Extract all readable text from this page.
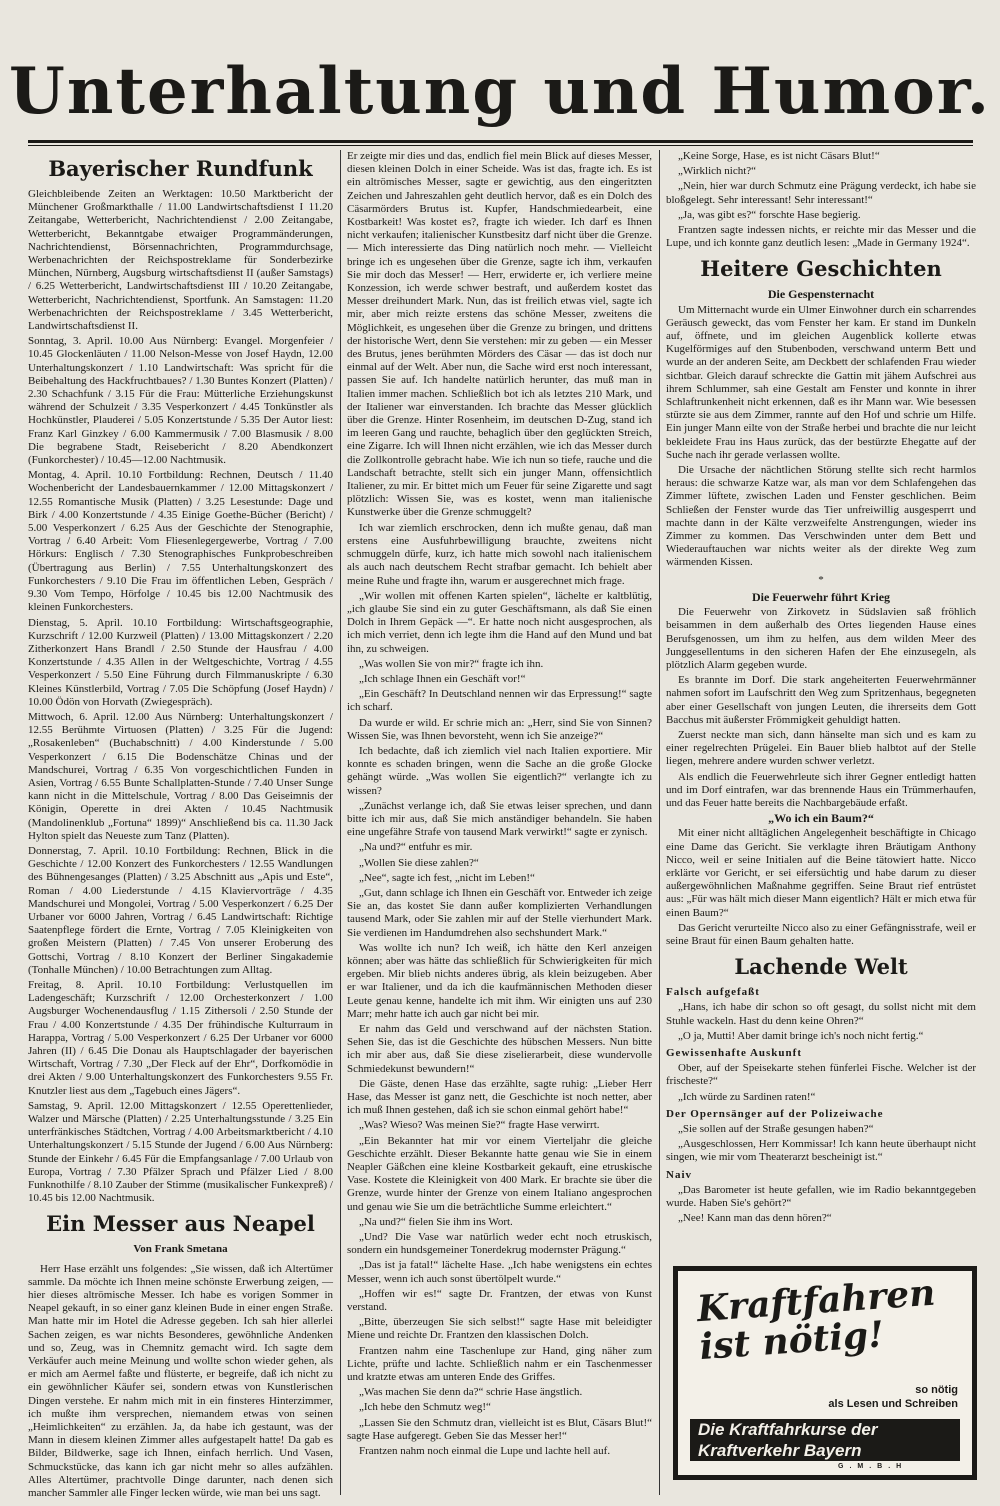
Unterhaltung und Humor.
Bayerischer Rundfunk

Gleichbleibende Zeiten an Werktagen: 10.50 Marktbericht der Münchener Großmarkthalle / 11.00 Landwirtschaftsdienst I 11.20 Zeitangabe, Wetterbericht, Nachrichtendienst / 2.00 Zeitangabe, Wetterbericht, Bekanntgabe etwaiger Programmänderungen, Nachrichtendienst, Börsennachrichten, Programmdurchsage, Werbenachrichten der Reichspostreklame für Sonderbezirke München, Nürnberg, Augsburg wirtschaftsdienst II (außer Samstags) / 6.25 Wetterbericht, Landwirtschaftsdienst III / 10.20 Zeitangabe, Wetterbericht, Nachrichtendienst, Sportfunk. An Samstagen: 11.20 Werbenachrichten der Reichspostreklame / 3.45 Wetterbericht, Landwirtschaftsdienst II.

Sonntag, 3. April. 10.00 Aus Nürnberg: Evangel. Morgenfeier / 10.45 Glockenläuten / 11.00 Nelson-Messe von Josef Haydn, 12.00 Unterhaltungskonzert / 1.10 Landwirtschaft: Was spricht für die Beibehaltung des Hackfruchtbaues? / 1.30 Buntes Konzert (Platten) / 2.30 Schachfunk / 3.15 Für die Frau: Mütterliche Erziehungskunst während der Schulzeit / 3.35 Vesperkonzert / 4.45 Tonkünstler als Hochkünstler, Plauderei / 5.05 Konzertstunde / 5.35 Der Autor liest: Franz Karl Ginzkey / 6.00 Kammermusik / 7.00 Blasmusik / 8.00 Die begrabene Stadt, Reisebericht / 8.20 Abendkonzert (Funkorchester) / 10.45—12.00 Nachtmusik.

Montag, 4. April. 10.10 Fortbildung: Rechnen, Deutsch / 11.40 Wochenbericht der Landesbauernkammer / 12.00 Mittagskonzert / 12.55 Romantische Musik (Platten) / 3.25 Lesestunde: Dage und Birk / 4.00 Konzertstunde / 4.35 Einige Goethe-Bücher (Bericht) / 5.00 Vesperkonzert / 6.25 Aus der Geschichte der Stenographie, Vortrag / 6.40 Arbeit: Vom Fliesenlegergewerbe, Vortrag / 7.00 Hörkurs: Englisch / 7.30 Stenographisches Funkprobeschreiben (Übertragung aus Berlin) / 7.55 Unterhaltungskonzert des Funkorchesters / 9.10 Die Frau im öffentlichen Leben, Gespräch / 9.30 Vom Tempo, Hörfolge / 10.45 bis 12.00 Nachtmusik des kleinen Funkorchesters.

Dienstag, 5. April. 10.10 Fortbildung: Wirtschaftsgeographie, Kurzschrift / 12.00 Kurzweil (Platten) / 13.00 Mittagskonzert / 2.20 Zitherkonzert Hans Brandl / 2.50 Stunde der Hausfrau / 4.00 Konzertstunde / 4.35 Allen in der Weltgeschichte, Vortrag / 4.55 Vesperkonzert / 5.50 Eine Führung durch Filmmanuskripte / 6.30 Kleines Künstlerbild, Vortrag / 7.05 Die Schöpfung (Josef Haydn) / 10.00 Ödön von Horvath (Zwiegespräch).

Mittwoch, 6. April. 12.00 Aus Nürnberg: Unterhaltungskonzert / 12.55 Berühmte Virtuosen (Platten) / 3.25 Für die Jugend: „Rosakenleben“ (Buchabschnitt) / 4.00 Kinderstunde / 5.00 Vesperkonzert / 6.15 Die Bodenschätze Chinas und der Mandschurei, Vortrag / 6.35 Von vorgeschichtlichen Funden in Asien, Vortrag / 6.55 Bunte Schallplatten-Stunde / 7.40 Unser Sunge kann nicht in die Mittelschule, Vortrag / 8.00 Das Geiseimnis der Königin, Operette in drei Akten / 10.45 Nachtmusik (Mandolinenklub „Fortuna“ 1899)“ Anschließend bis ca. 11.30 Jack Hylton spielt das Neueste zum Tanz (Platten).

Donnerstag, 7. April. 10.10 Fortbildung: Rechnen, Blick in die Geschichte / 12.00 Konzert des Funkorchesters / 12.55 Wandlungen des Bühnengesanges (Platten) / 3.25 Abschnitt aus „Apis und Este“, Roman / 4.00 Liederstunde / 4.15 Klaviervorträge / 4.35 Mandschurei und Mongolei, Vortrag / 5.00 Vesperkonzert / 6.25 Der Urbaner vor 6000 Jahren, Vortrag / 6.45 Landwirtschaft: Richtige Saatenpflege fördert die Ernte, Vortrag / 7.05 Kleinigkeiten von großen Meistern (Platten) / 7.45 Von unserer Eroberung des Gottschi, Vortrag / 8.10 Konzert der Berliner Singakademie (Tonhalle München) / 10.00 Betrachtungen zum Alltag.

Freitag, 8. April. 10.10 Fortbildung: Verlustquellen im Ladengeschäft; Kurzschrift / 12.00 Orchesterkonzert / 1.00 Augsburger Wochenendausflug / 1.15 Zithersoli / 2.50 Stunde der Frau / 4.00 Konzertstunde / 4.35 Der frühindische Kulturraum in Harappa, Vortrag / 5.00 Vesperkonzert / 6.25 Der Urbaner vor 6000 Jahren (II) / 6.45 Die Donau als Hauptschlagader der bayerischen Wirtschaft, Vortrag / 7.30 „Der Fleck auf der Ehr“, Dorfkomödie in drei Akten / 9.00 Unterhaltungskonzert des Funkorchesters 9.55 Fr. Knutzler liest aus dem „Tagebuch eines Jägers“.

Samstag, 9. April. 12.00 Mittagskonzert / 12.55 Operettenlieder, Walzer und Märsche (Platten) / 2.25 Unterhaltungsstunde / 3.25 Ein unterfränkisches Städtchen, Vortrag / 4.00 Arbeitsmarktbericht / 4.10 Unterhaltungskonzert / 5.15 Stunde der Jugend / 6.00 Aus Nürnberg: Stunde der Einkehr / 6.45 Für die Empfangsanlage / 7.00 Urlaub von Europa, Vortrag / 7.30 Pfälzer Sprach und Pfälzer Lied / 8.00 Funknothilfe / 8.10 Zauber der Stimme (musikalischer Funkexpreß) / 10.45 bis 12.00 Nachtmusik.

Ein Messer aus Neapel
Von Frank Smetana

Herr Hase erzählt uns folgendes: „Sie wissen, daß ich Altertümer sammle. Da möchte ich Ihnen meine schönste Erwerbung zeigen, — hier dieses altrömische Messer. Ich habe es vorigen Sommer in Neapel gekauft, in so einer ganz kleinen Bude in einer engen Straße. Man hatte mir im Hotel die Adresse gegeben. Ich sah hier allerlei Sachen zeigen, es war nichts Besonderes, gewöhnliche Andenken und so, Zeug, was in Chemnitz gemacht wird. Ich sagte dem Verkäufer auch meine Meinung und wollte schon wieder gehen, als er mich am Aermel faßte und flüsterte, er begreife, daß ich nicht zu ein gewöhnlicher Käufer sei, sondern etwas von Kunstlerischen Dingen verstehe. Er nahm mich mit in ein finsteres Hinterzimmer, ich mußte ihm versprechen, niemandem etwas von seinen „Heimlichkeiten“ zu erzählen. Ja, da habe ich gestaunt, was der Mann in diesem kleinen Zimmer alles aufgestapelt hatte! Da gab es Bilder, Bildwerke, sage ich Ihnen, einfach herrlich. Und Vasen, Schmuckstücke, das kann ich gar nicht mehr so alles aufzählen. Alles Altertümer, prachtvolle Dinge darunter, nach denen sich mancher Sammler alle Finger lecken würde, wie man bei uns sagt.

Er zeigte mir dies und das, endlich fiel mein Blick auf dieses Messer, diesen kleinen Dolch in einer Scheide. Was ist das, fragte ich. Es ist ein altrömisches Messer, sagte er gewichtig, aus den eingeritzten Zeichen und Jahreszahlen geht deutlich hervor, daß es ein Dolch des Cäsarmörders Brutus ist. Kupfer, Handschmiedearbeit, eine Kostbarkeit! Was kostet es?, fragte ich wieder. Ich darf es Ihnen nicht verkaufen; italienischer Kunstbesitz darf nicht über die Grenze. — Mich interessierte das Ding natürlich noch mehr. — Vielleicht bringe ich es ungesehen über die Grenze, sagte ich ihm, verkaufen Sie mir doch das Messer! — Herr, erwiderte er, ich verliere meine Konzession, ich werde schwer bestraft, und außerdem kostet das Messer dreihundert Mark. Nun, das ist freilich etwas viel, sagte ich mir, aber mich reizte erstens das schöne Messer, zweitens die Möglichkeit, es ungesehen über die Grenze zu bringen, und drittens der historische Wert, denn Sie verstehen: mir zu geben — ein Messer des Brutus, jenes berühmten Mörders des Cäsar — das ist doch nur einmal auf der Welt. Aber nun, die Sache wird erst noch interessant, passen Sie auf. Ich handelte natürlich herunter, das muß man in Italien immer machen. Schließlich bot ich als letztes 210 Mark, und der Italiener war einverstanden. Ich brachte das Messer glücklich über die Grenze. Hinter Rosenheim, im deutschen D-Zug, stand ich im leeren Gang und rauchte, behaglich über den geglückten Streich, eine Zigarre. Ich will Ihnen nicht erzählen, wie ich das Messer durch die Zollkontrolle gebracht habe. Wie ich nun so tiefe, rauche und die Landschaft betrachte, stellt sich ein junger Mann, offensichtlich Italiener, zu mir. Er bittet mich um Feuer für seine Zigarette und sagt plötzlich: Wissen Sie, was es kostet, wenn man italienische Kunstwerke über die Grenze schmuggelt?

Ich war ziemlich erschrocken, denn ich mußte genau, daß man erstens eine Ausfuhrbewilligung brauchte, zweitens nicht schmuggeln dürfe, kurz, ich hatte mich sowohl nach italienischem als auch nach deutschem Recht strafbar gemacht. Ich behielt aber meine Ruhe und fragte ihn, warum er ausgerechnet mich frage.

„Wir wollen mit offenen Karten spielen“, lächelte er kaltblütig, „ich glaube Sie sind ein zu guter Geschäftsmann, als daß Sie einen Dolch in Ihrem Gepäck —“. Er hatte noch nicht ausgesprochen, als ich mich verriet, denn ich legte ihm die Hand auf den Mund und bat ihn, zu schweigen.

„Was wollen Sie von mir?“ fragte ich ihn.

„Ich schlage Ihnen ein Geschäft vor!“

„Ein Geschäft? In Deutschland nennen wir das Erpressung!“ sagte ich scharf.

Da wurde er wild. Er schrie mich an: „Herr, sind Sie von Sinnen? Wissen Sie, was Ihnen bevorsteht, wenn ich Sie anzeige?“

Ich bedachte, daß ich ziemlich viel nach Italien exportiere. Mir konnte es schaden bringen, wenn die Sache an die große Glocke gehängt würde. „Was wollen Sie eigentlich?“ verlangte ich zu wissen?

„Zunächst verlange ich, daß Sie etwas leiser sprechen, und dann bitte ich mir aus, daß Sie mich anständiger behandeln. Sie haben eine ungefähre Strafe von tausend Mark verwirkt!“ sagte er zynisch.

„Na und?“ entfuhr es mir.

„Wollen Sie diese zahlen?“

„Nee“, sagte ich fest, „nicht im Leben!“

„Gut, dann schlage ich Ihnen ein Geschäft vor. Entweder ich zeige Sie an, das kostet Sie dann außer komplizierten Verhandlungen tausend Mark, oder Sie zahlen mir auf der Stelle vierhundert Mark. Sie verdienen im Handumdrehen also sechshundert Mark.“

Was wollte ich nun? Ich weiß, ich hätte den Kerl anzeigen können; aber was hätte das schließlich für Schwierigkeiten für mich ergeben. Mir blieb nichts anderes übrig, als klein beizugeben. Aber er war Italiener, und da ich die kaufmännischen Methoden dieser Leute genau kenne, handelte ich mit ihm. Wir einigten uns auf 230 Marr; mehr hatte ich auch gar nicht bei mir.

Er nahm das Geld und verschwand auf der nächsten Station. Sehen Sie, das ist die Geschichte des hübschen Messers. Nun bitte ich mir aber aus, daß Sie diese ziselierarbeit, diese wundervolle Schmiedekunst bewundern!“

Die Gäste, denen Hase das erzählte, sagte ruhig: „Lieber Herr Hase, das Messer ist ganz nett, die Geschichte ist noch netter, aber ich muß Ihnen gestehen, daß ich sie schon einmal gehört habe!“

„Was? Wieso? Was meinen Sie?“ fragte Hase verwirrt.

„Ein Bekannter hat mir vor einem Vierteljahr die gleiche Geschichte erzählt. Dieser Bekannte hatte genau wie Sie in einem Neapler Gäßchen eine kleine Kostbarkeit gekauft, eine etruskische Vase. Kostete die Kleinigkeit von 400 Mark. Er brachte sie über die Grenze, wurde hinter der Grenze von einem Italiano angesprochen und genau wie Sie um die beträchtliche Summe erleichtert.“

„Na und?“ fielen Sie ihm ins Wort.

„Und? Die Vase war natürlich weder echt noch etruskisch, sondern ein hundsgemeiner Tonerdekrug modernster Prägung.“

„Das ist ja fatal!“ lächelte Hase. „Ich habe wenigstens ein echtes Messer, wenn ich auch sonst übertölpelt wurde.“

„Hoffen wir es!“ sagte Dr. Frantzen, der etwas von Kunst verstand.

„Bitte, überzeugen Sie sich selbst!“ sagte Hase mit beleidigter Miene und reichte Dr. Frantzen den klassischen Dolch.

Frantzen nahm eine Taschenlupe zur Hand, ging näher zum Lichte, prüfte und lachte. Schließlich nahm er ein Taschenmesser und kratzte etwas am unteren Ende des Griffes.

„Was machen Sie denn da?“ schrie Hase ängstlich.

„Ich hebe den Schmutz weg!“

„Lassen Sie den Schmutz dran, vielleicht ist es Blut, Cäsars Blut!“ sagte Hase aufgeregt. Geben Sie das Messer her!“

Frantzen nahm noch einmal die Lupe und lachte hell auf.

„Keine Sorge, Hase, es ist nicht Cäsars Blut!“

„Wirklich nicht?“

„Nein, hier war durch Schmutz eine Prägung verdeckt, ich habe sie bloßgelegt. Sehr interessant! Sehr interessant!“

„Ja, was gibt es?“ forschte Hase begierig.

Frantzen sagte indessen nichts, er reichte mir das Messer und die Lupe, und ich konnte ganz deutlich lesen: „Made in Germany 1924“.

Heitere Geschichten
Die Gespensternacht

Um Mitternacht wurde ein Ulmer Einwohner durch ein scharrendes Geräusch geweckt, das vom Fenster her kam. Er stand im Dunkeln auf, öffnete, und im gleichen Augenblick kollerte etwas Kugelförmiges auf den Stubenboden, verschwand unterm Bett und wurde an der anderen Seite, am Deckbett der schlafenden Frau wieder sichtbar. Gleich darauf schreckte die Gattin mit jähem Aufschrei aus ihrem Schlummer, sah eine Gestalt am Fenster und konnte in ihrer Schlaftrunkenheit nicht erkennen, daß es ihr Mann war. Wie besessen stürzte sie aus dem Zimmer, rannte auf den Hof und schrie um Hilfe. Ein junger Mann eilte von der Straße herbei und brachte die nur leicht bekleidete Frau ins Haus zurück, das der bestürzte Ehegatte auf der Suche nach ihr gerade verlassen wollte.

Die Ursache der nächtlichen Störung stellte sich recht harmlos heraus: die schwarze Katze war, als man vor dem Schlafengehen das Zimmer lüftete, zwischen Laden und Fenster geschlichen. Beim Schließen der Fenster wurde das Tier unfreiwillig ausgesperrt und machte dann in der Kälte verzweifelte Anstrengungen, wieder ins Zimmer zu kommen. Das Verschwinden unter dem Bett und Wiederauftauchen war nichts weiter als der direkte Weg zum wärmenden Kissen.

*
Die Feuerwehr führt Krieg

Die Feuerwehr von Zirkovetz in Südslavien saß fröhlich beisammen in dem außerhalb des Ortes liegenden Hause eines Berufsgenossen, um ihm zu helfen, aus dem wilden Meer des Junggesellentums in den sicheren Hafen der Ehe einzusegeln, als plötzlich Alarm gegeben wurde.

Es brannte im Dorf. Die stark angeheiterten Feuerwehrmänner nahmen sofort im Laufschritt den Weg zum Spritzenhaus, begegneten aber einer Gesellschaft von jungen Leuten, die ihrerseits dem Gott Bacchus mit äußerster Frömmigkeit gehuldigt hatten.

Zuerst neckte man sich, dann hänselte man sich und es kam zu einer regelrechten Prügelei. Ein Bauer blieb halbtot auf der Stelle liegen, mehrere andere wurden schwer verletzt.

Als endlich die Feuerwehrleute sich ihrer Gegner entledigt hatten und im Dorf eintrafen, war das brennende Haus ein Trümmerhaufen, und das Feuer hatte bereits die Nachbargebäude erfaßt.

„Wo ich ein Baum?“

Mit einer nicht alltäglichen Angelegenheit beschäftigte in Chicago eine Dame das Gericht. Sie verklagte ihren Bräutigam Anthony Nicco, weil er seine Initialen auf die Beine tätowiert hatte. Nicco erklärte vor Gericht, er sei eifersüchtig und habe darum zu dieser außergewöhnlichen Maßnahme gegriffen. Seine Braut rief entrüstet aus: „Für was hält mich dieser Mann eigentlich? Hält er mich etwa für einen Baum?“

Das Gericht verurteilte Nicco also zu einer Gefängnisstrafe, weil er seine Braut für einen Baum gehalten hatte.

Lachende Welt

Falsch aufgefaßt

„Hans, ich habe dir schon so oft gesagt, du sollst nicht mit dem Stuhle wackeln. Hast du denn keine Ohren?“

„O ja, Mutti! Aber damit bringe ich's noch nicht fertig.“

Gewissenhafte Auskunft

Ober, auf der Speisekarte stehen fünferlei Fische. Welcher ist der frischeste?“

„Ich würde zu Sardinen raten!“

Der Opernsänger auf der Polizeiwache

„Sie sollen auf der Straße gesungen haben?“

„Ausgeschlossen, Herr Kommissar! Ich kann heute überhaupt nicht singen, wie mir vom Theaterarzt bescheinigt ist.“

Naiv

„Das Barometer ist heute gefallen, wie im Radio bekanntgegeben wurde. Haben Sie's gehört?“

„Nee! Kann man das denn hören?“

Kraftfahren ist nötig!
so nötig
als Lesen und Schreiben
Die Kraftfahrkurse der
Kraftverkehr Bayern
G.M.B.H
